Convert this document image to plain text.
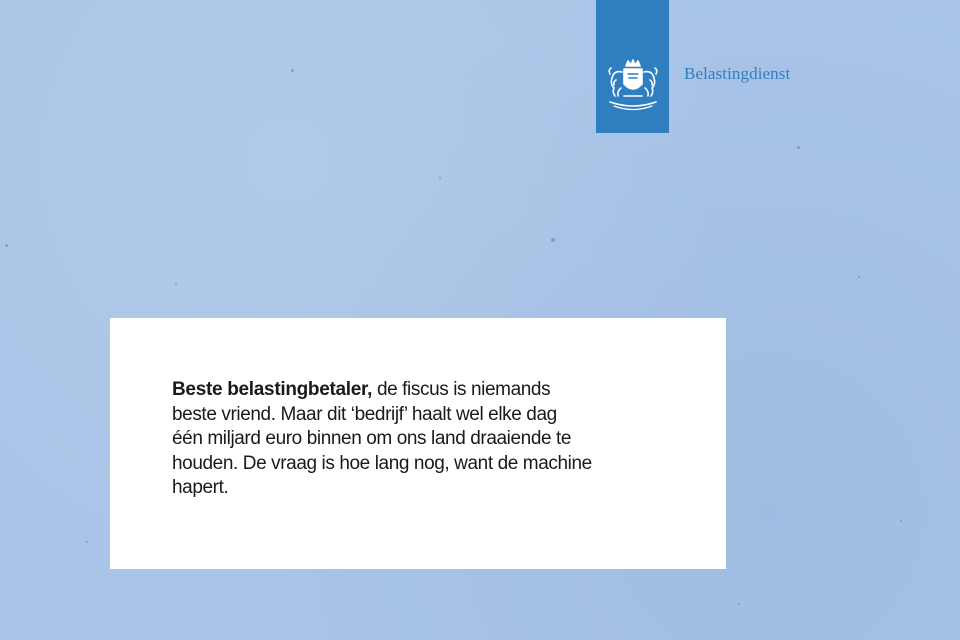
Belastingdienst
Beste belastingbetaler, de fiscus is niemands beste vriend. Maar dit ‘bedrijf’ haalt wel elke dag één miljard euro binnen om ons land draaiende te houden. De vraag is hoe lang nog, want de machine hapert.
